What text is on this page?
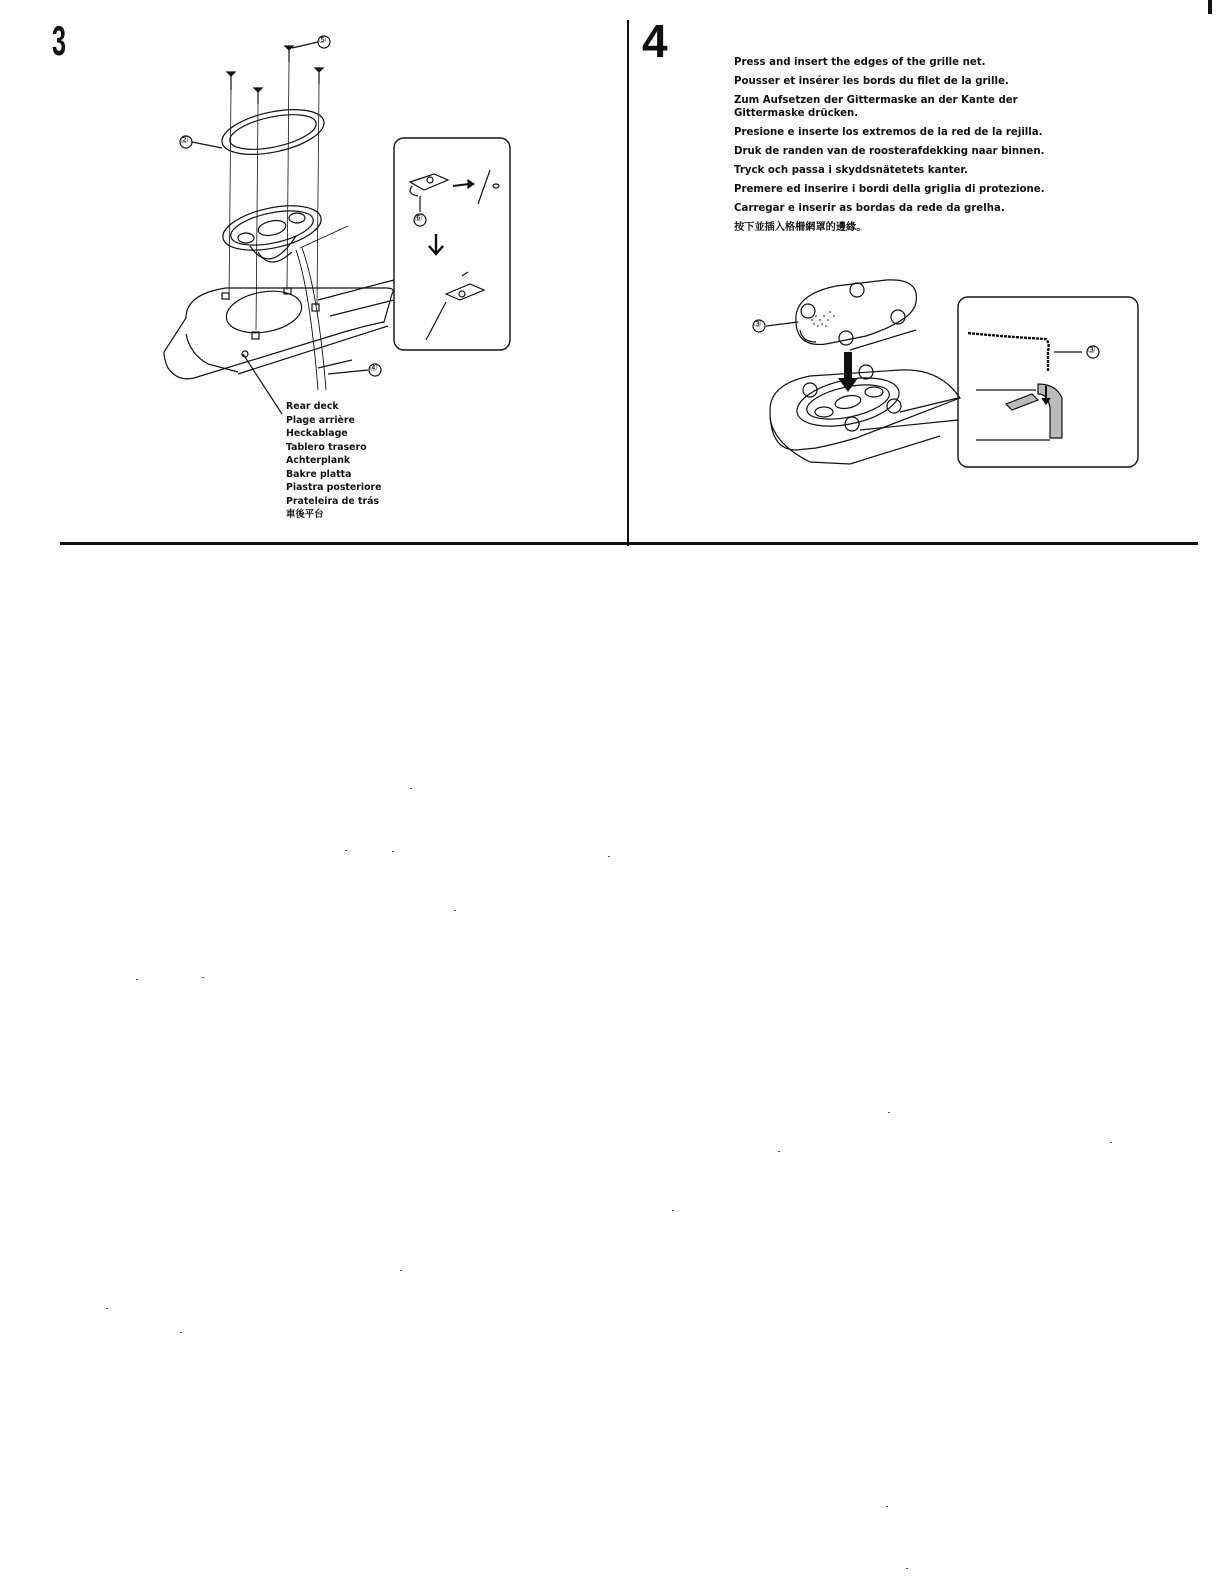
3	4
⑤
②
④
⑥
Rear deck
Plage arrière
Heckablage
Tablero trasero
Achterplank
Bakre platta
Piastra posteriore
Prateleira de trás
車後平台
Press and insert the edges of the grille net.
Pousser et insérer les bords du filet de la grille.
Zum Aufsetzen der Gittermaske an der Kante der Gittermaske drücken.
Presione e inserte los extremos de la red de la rejilla.
Druk de randen van de roosterafdekking naar binnen.
Tryck och passa i skyddsnätetets kanter.
Premere ed inserire i bordi della griglia di protezione.
Carregar e inserir as bordas da rede da grelha.
按下並插入格柵網罩的邊緣。
③
③
